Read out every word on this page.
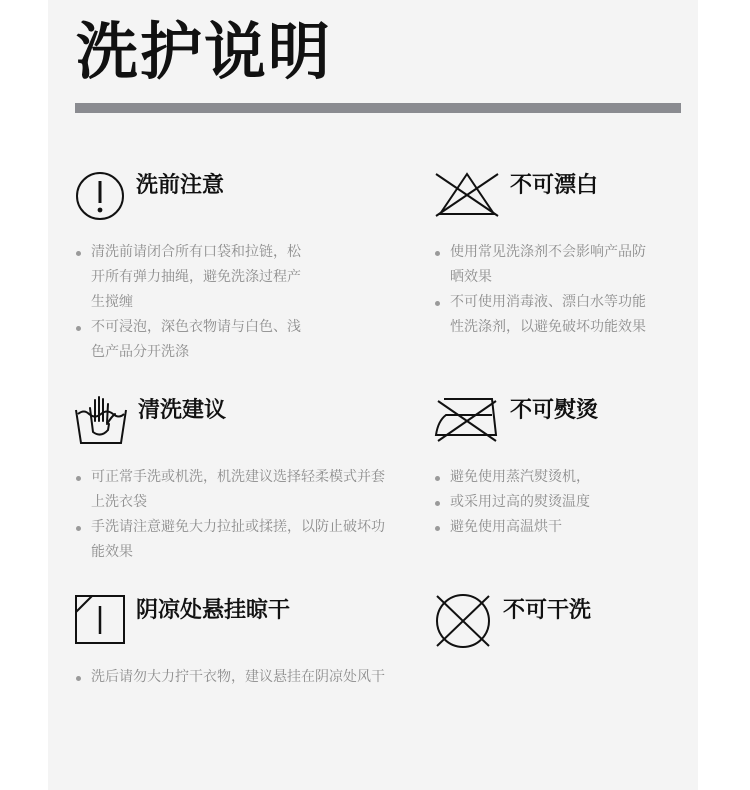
洗护说明
洗前注意
清洗前请闭合所有口袋和拉链，松开所有弹力抽绳，避免洗涤过程产生搅缠
不可浸泡，深色衣物请与白色、浅色产品分开洗涤
不可漂白
使用常见洗涤剂不会影响产品防晒效果
不可使用消毒液、漂白水等功能性洗涤剂，以避免破坏功能效果
清洗建议
可正常手洗或机洗，机洗建议选择轻柔模式并套上洗衣袋
手洗请注意避免大力拉扯或揉搓，以防止破坏功能效果
不可熨烫
避免使用蒸汽熨烫机，
或采用过高的熨烫温度
避免使用高温烘干
阴凉处悬挂晾干
洗后请勿大力拧干衣物，建议悬挂在阴凉处风干
不可干洗
